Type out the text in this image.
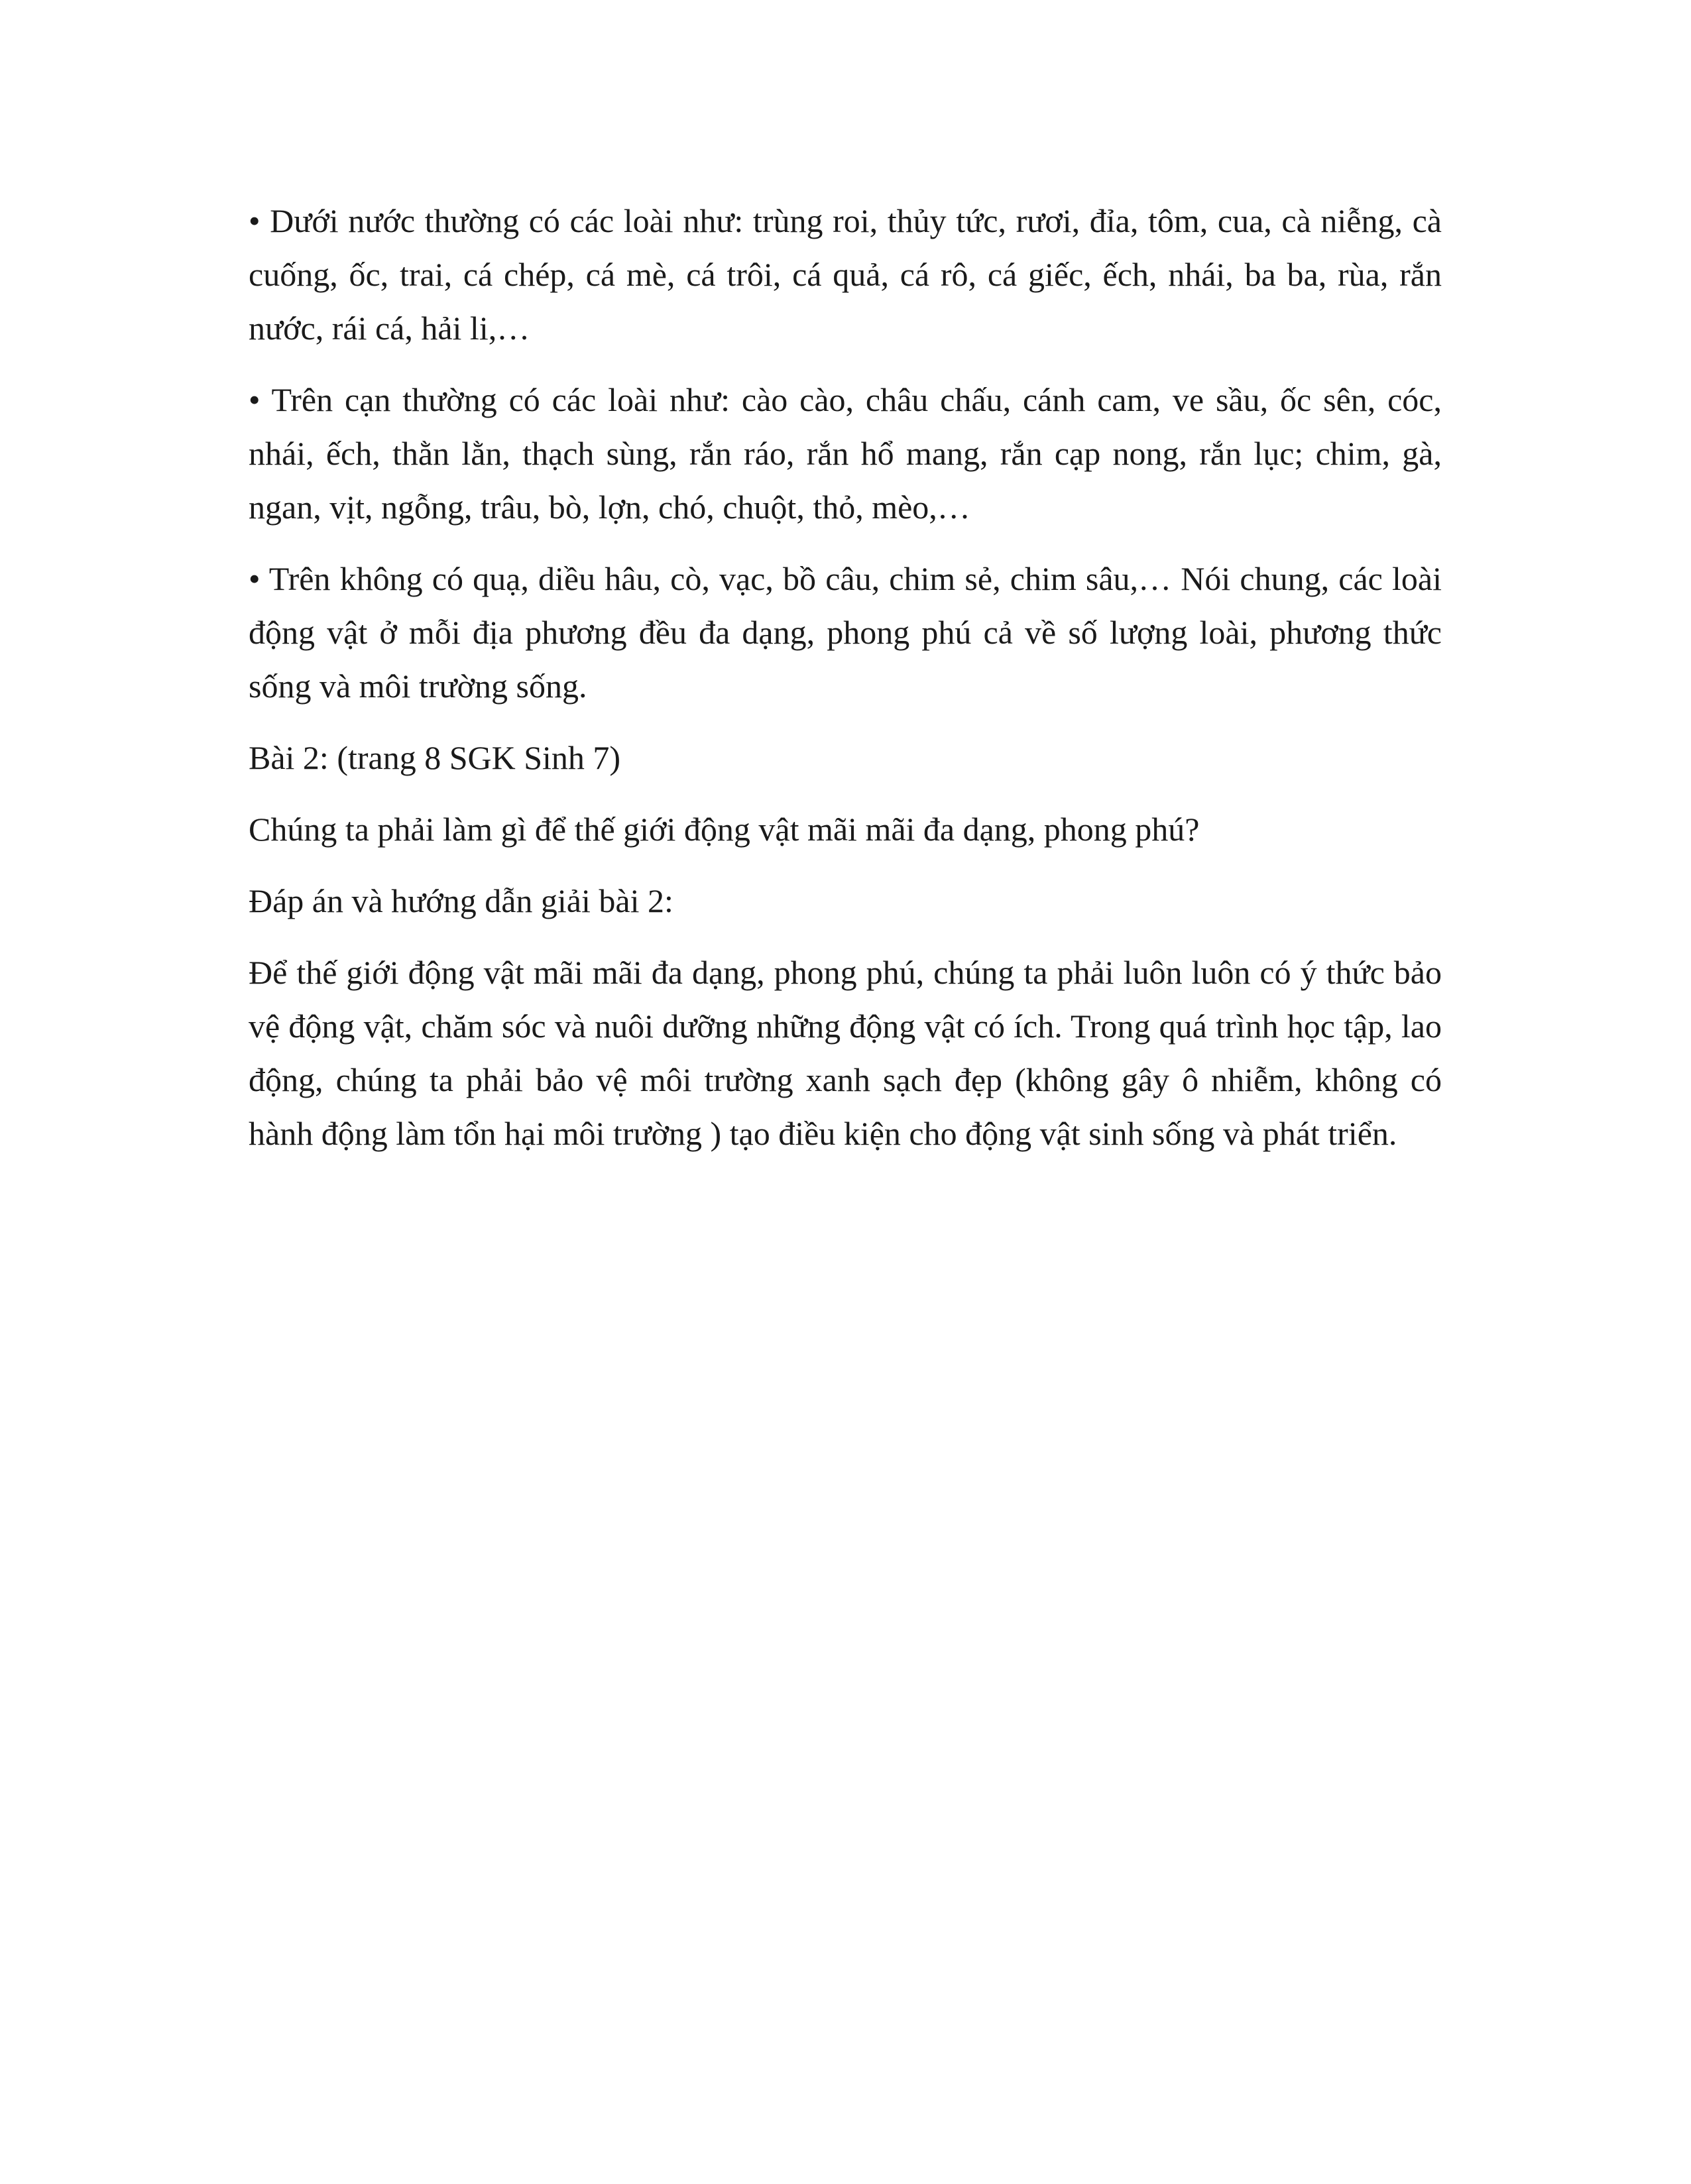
• Dưới nước thường có các loài như: trùng roi, thủy tức, rươi, đỉa, tôm, cua, cà niễng, cà cuống, ốc, trai, cá chép, cá mè, cá trôi, cá quả, cá rô, cá giếc, ếch, nhái, ba ba, rùa, rắn nước, rái cá, hải li,…

• Trên cạn thường có các loài như: cào cào, châu chấu, cánh cam, ve sầu, ốc sên, cóc, nhái, ếch, thằn lằn, thạch sùng, rắn ráo, rắn hổ mang, rắn cạp nong, rắn lục; chim, gà, ngan, vịt, ngỗng, trâu, bò, lợn, chó, chuột, thỏ, mèo,…

• Trên không có quạ, diều hâu, cò, vạc, bồ câu, chim sẻ, chim sâu,… Nói chung, các loài động vật ở mỗi địa phương đều đa dạng, phong phú cả về số lượng loài, phương thức sống và môi trường sống.

Bài 2: (trang 8 SGK Sinh 7)

Chúng ta phải làm gì để thế giới động vật mãi mãi đa dạng, phong phú?

Đáp án và hướng dẫn giải bài 2:

Để thế giới động vật mãi mãi đa dạng, phong phú, chúng ta phải luôn luôn có ý thức bảo vệ động vật, chăm sóc và nuôi dưỡng những động vật có ích. Trong quá trình học tập, lao động, chúng ta phải bảo vệ môi trường xanh sạch đẹp (không gây ô nhiễm, không có hành động làm tổn hại môi trường ) tạo điều kiện cho động vật sinh sống và phát triển.
